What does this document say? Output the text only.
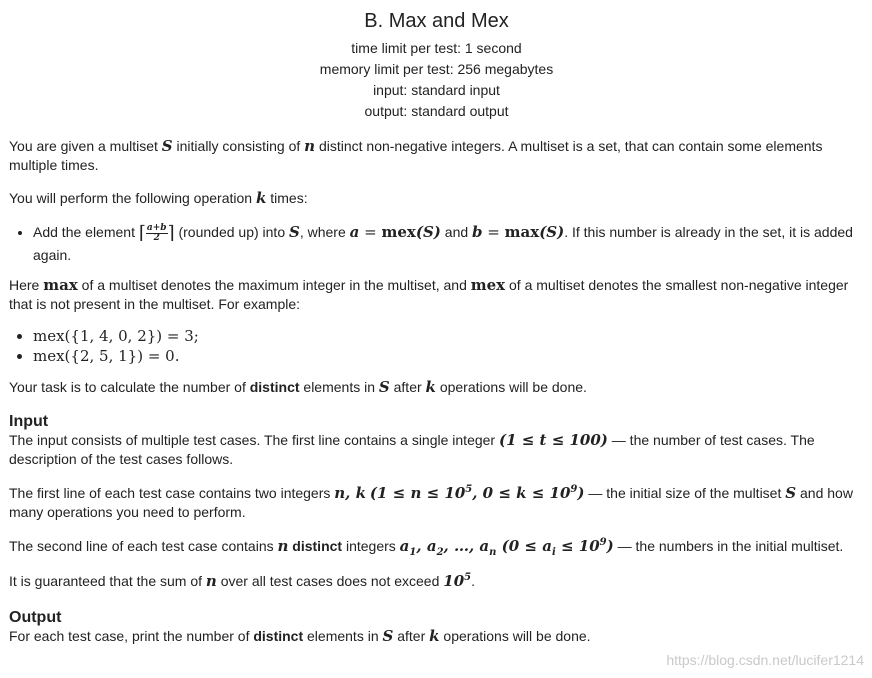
B. Max and Mex
time limit per test: 1 second
memory limit per test: 256 megabytes
input: standard input
output: standard output

You are given a multiset S initially consisting of n distinct non-negative integers. A multiset is a set, that can contain some elements multiple times.

You will perform the following operation k times:

• Add the element ⌈ $\frac{a+b}{2}$ ⌉ (rounded up) into S, where a = mex(S) and b = max(S). If this number is already in the set, it is added again.

Here max of a multiset denotes the maximum integer in the multiset, and mex of a multiset denotes the smallest non-negative integer that is not present in the multiset. For example:

• mex({1, 4, 0, 2}) = 3;
• mex({2, 5, 1}) = 0.

Your task is to calculate the number of distinct elements in S after k operations will be done.

Input

The input consists of multiple test cases. The first line contains a single integer (1 ≤ t ≤ 100) — the number of test cases. The description of the test cases follows.

The first line of each test case contains two integers n, k ($1 \le n \le 10^5$, $0 \le k \le 10^9$) — the initial size of the multiset S and how many operations you need to perform.

The second line of each test case contains n distinct integers $a_1$, $a_2$, …, $a_n$ $(0 \le a_i \le 10^9)$ — the numbers in the initial multiset.

It is guaranteed that the sum of n over all test cases does not exceed $10^5$.

Output

For each test case, print the number of distinct elements in S after k operations will be done.

https://blog.csdn.net/lucifer1214
